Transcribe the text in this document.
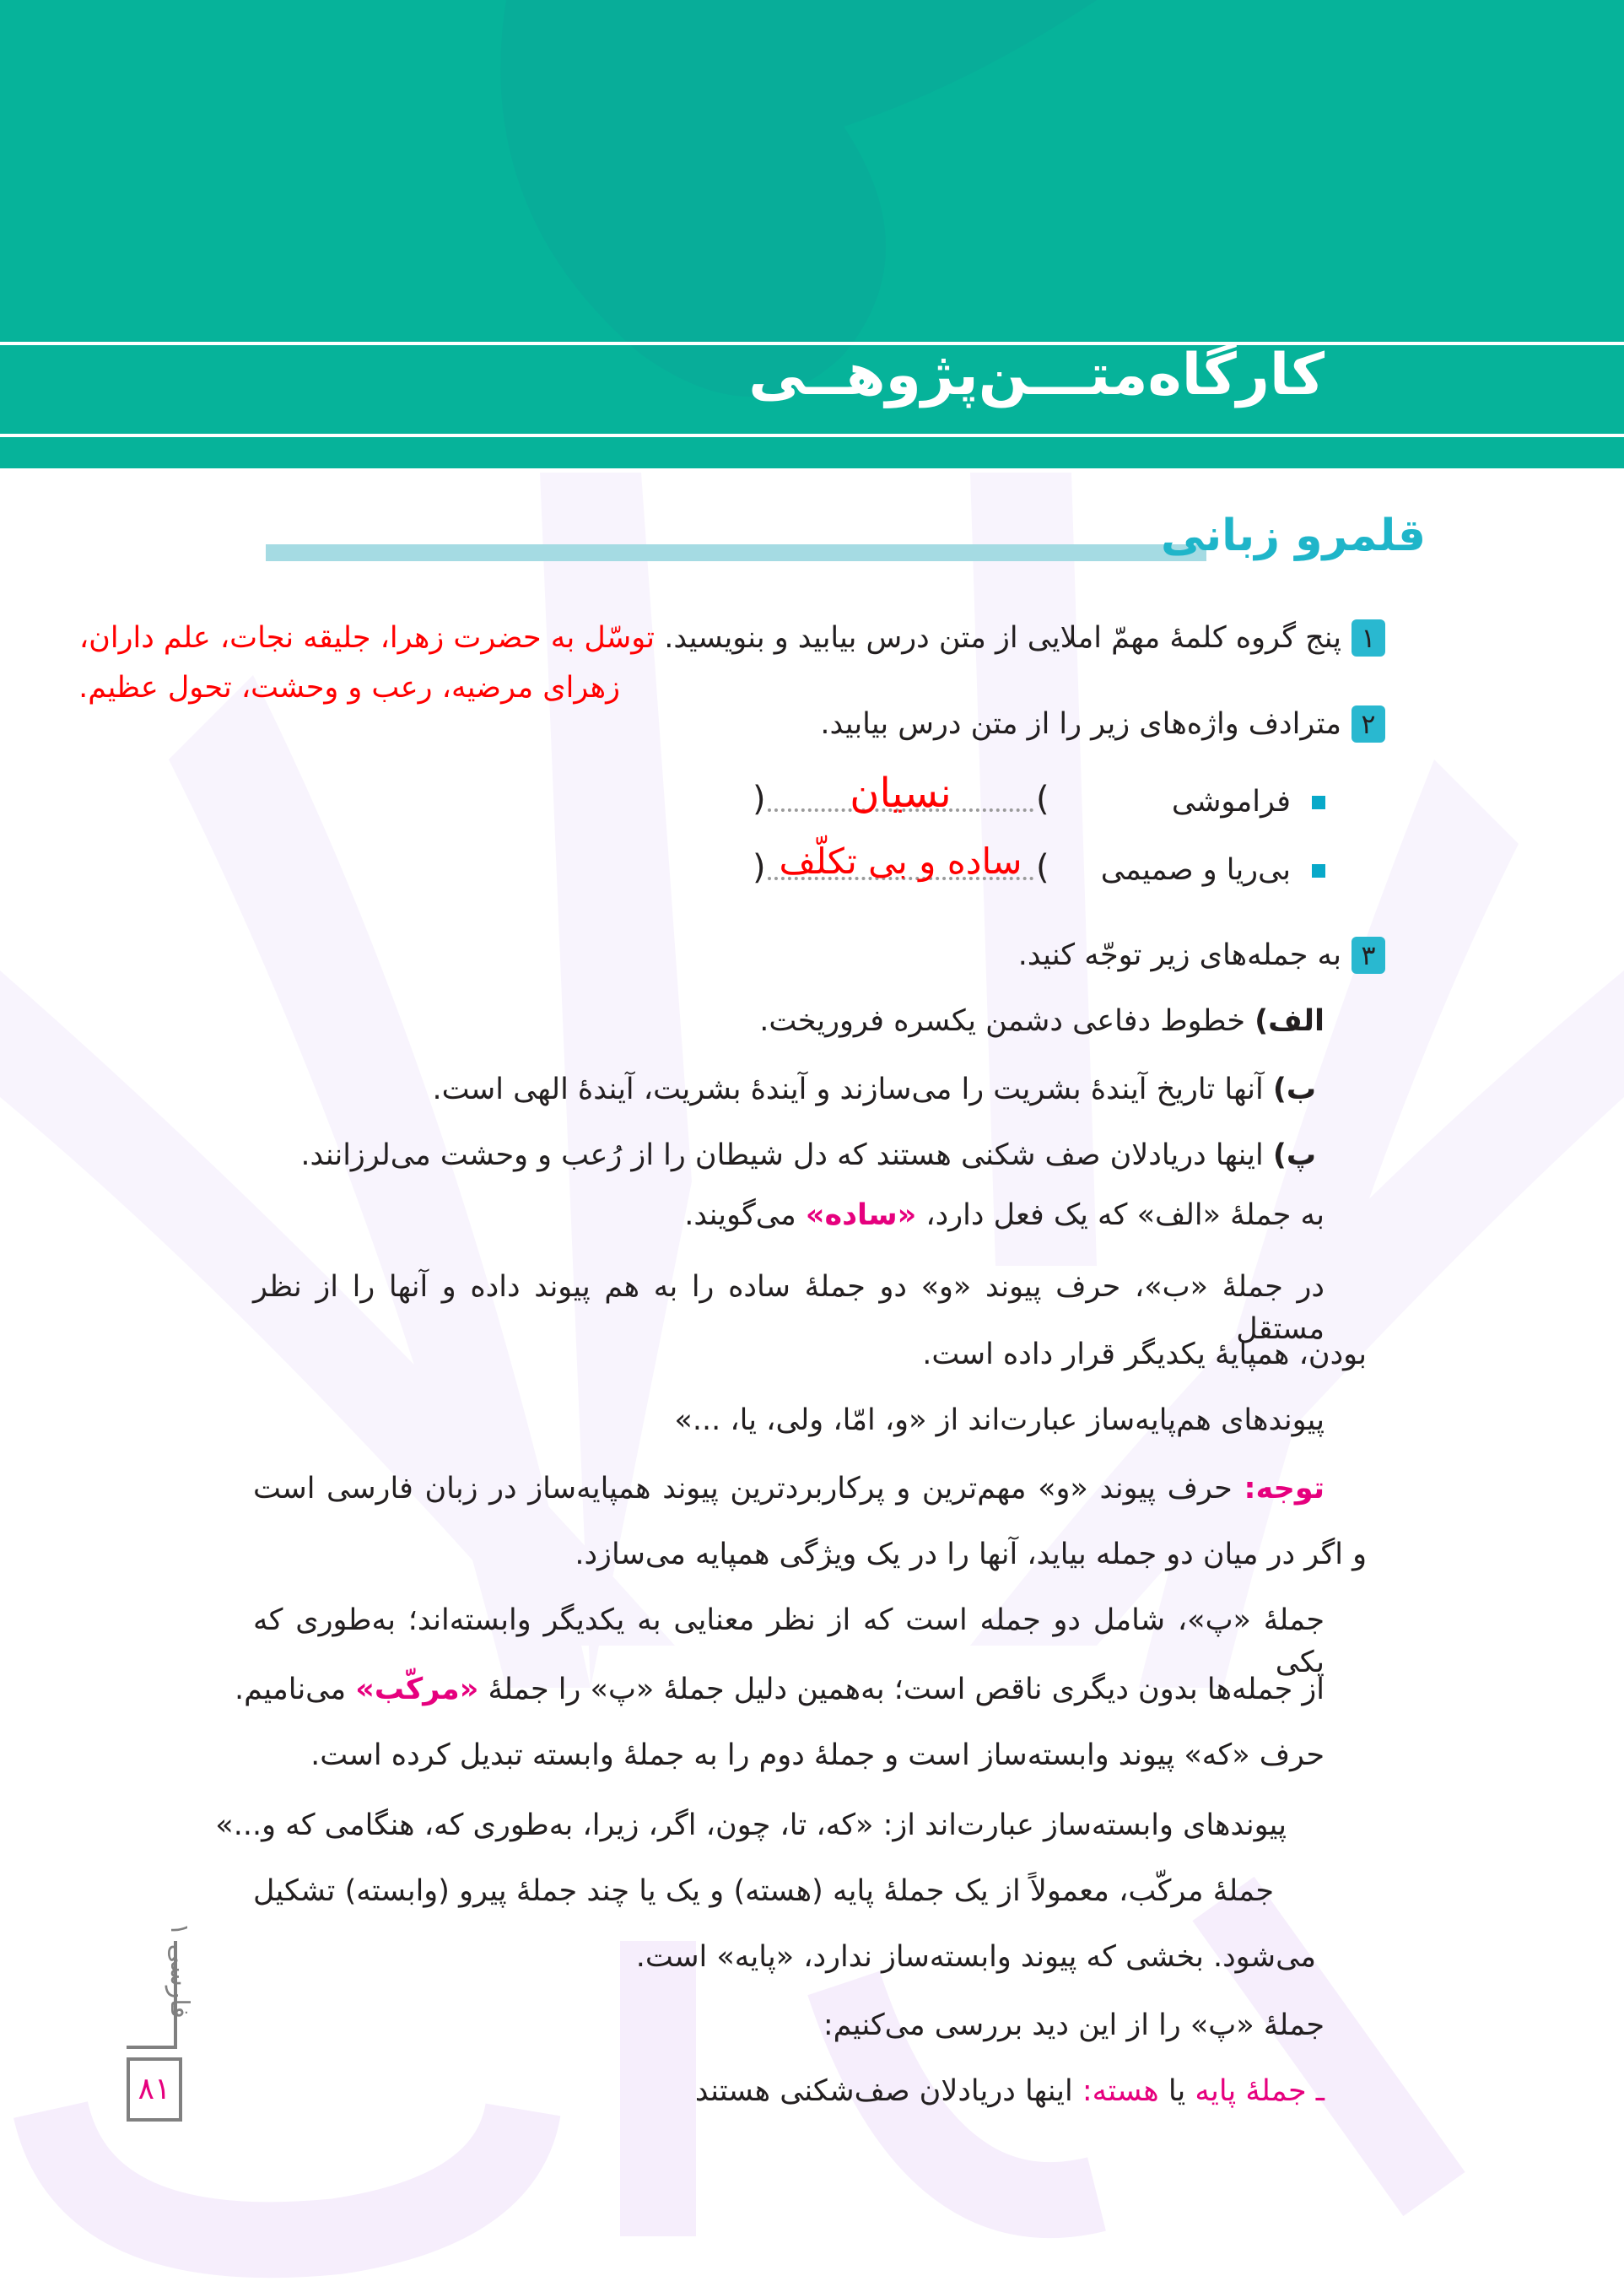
کارگاه‌متـــن‌پژوهــی
قلمرو زبانی
۱
پنج گروه کلمهٔ مهمّ املایی از متن درس بیابید و بنویسید. توسّل به حضرت زهرا، جلیقه نجات، علم داران،
زهرای مرضیه، رعب و وحشت، تحول عظیم.
۲
مترادف واژه‌های زیر را از متن درس بیابید.
فراموشی
(
)	نسیان
بی‌ریا و صمیمی
(
) ساده و بی تکلّف
۳
به جمله‌های زیر توجّه کنید.
الف) خطوط دفاعی دشمن یکسره فروریخت.
ب) آنها تاریخ آیندهٔ بشریت را می‌سازند و آیندهٔ بشریت، آیندهٔ الهی است.
پ) اینها دریادلان صف شکنی هستند که دل شیطان را از رُعب و وحشت می‌لرزانند.
به جملهٔ «الف» که یک فعل دارد، «ساده» می‌گویند.
در جملهٔ «ب»، حرف پیوند «و» دو جملهٔ ساده را به هم پیوند داده و آنها را از نظر مستقل
بودن، همپایهٔ یکدیگر قرار داده است.
پیوندهای هم‌پایه‌ساز عبارت‌اند از «و، امّا، ولی، یا، ...»
توجه: حرف پیوند «و» مهم‌ترین و پرکاربردترین پیوند همپایه‌ساز در زبان فارسی است
و اگر در میان دو جمله بیاید، آنها را در یک ویژگی همپایه می‌سازد.
جملهٔ «پ»، شامل دو جمله است که از نظر معنایی به یکدیگر وابسته‌اند؛ به‌طوری که یکی
از جمله‌ها بدون دیگری ناقص است؛ به‌همین دلیل جملهٔ «پ» را جملهٔ «مرکّب» می‌نامیم.
حرف «که» پیوند وابسته‌ساز است و جملهٔ دوم را به جملهٔ وابسته تبدیل کرده است.
پیوندهای وابسته‌ساز عبارت‌اند از: «که، تا، چون، اگر، زیرا، به‌طوری که، هنگامی که و...»
جملهٔ مرکّب، معمولاً از یک جملهٔ پایه (هسته) و یک یا چند جملهٔ پیرو (وابسته) تشکیل
می‌شود. بخشی که پیوند وابسته‌ساز ندارد، «پایه» است.
جملهٔ «پ» را از این دید بررسی می‌کنیم:
ـ جملهٔ پایه یا هسته: اینها دریادلان صف‌شکنی هستند
فارسی ۱
۸۱
